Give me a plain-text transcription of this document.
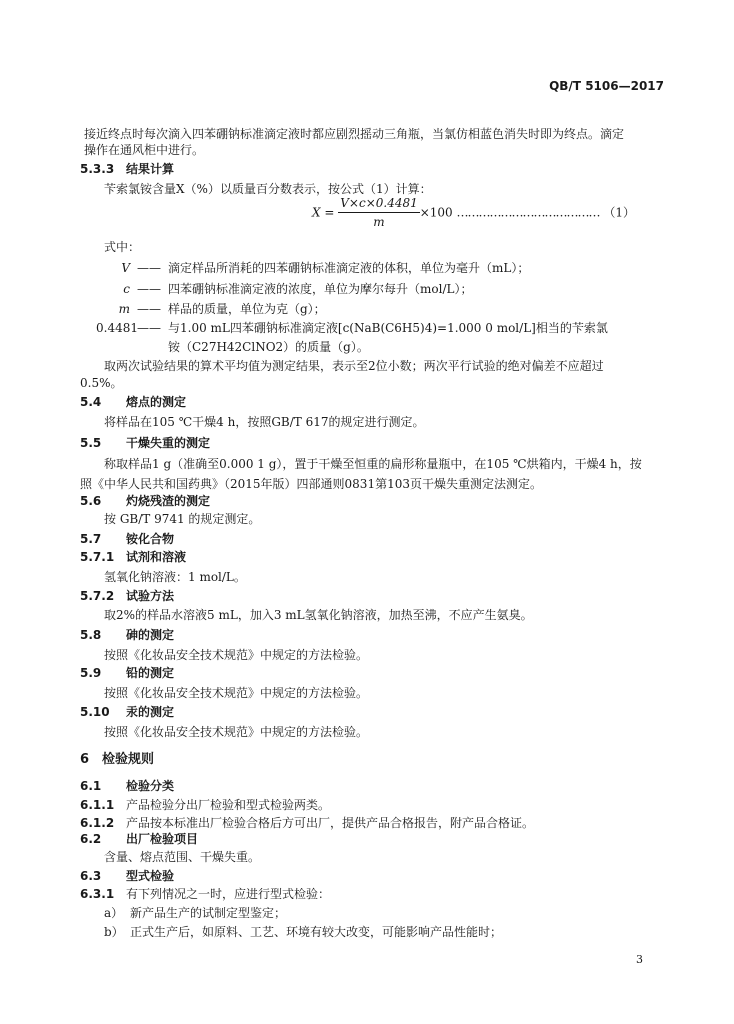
QB/T 5106—2017
接近终点时每次滴入四苯硼钠标准滴定液时都应剧烈摇动三角瓶，当氯仿相蓝色消失时即为终点。滴定
操作在通风柜中进行。
5.3.3 结果计算
苄索氯铵含量X（%）以质量百分数表示，按公式（1）计算：
$X = \frac{V\times c\times 0.4481}{m} \times 100$ ………………………………… （1）
式中：
V —— 滴定样品所消耗的四苯硼钠标准滴定液的体积，单位为毫升（mL）；
c —— 四苯硼钠标准滴定液的浓度，单位为摩尔每升（mol/L）；
m —— 样品的质量，单位为克（g）；
0.4481—— 与1.00 mL四苯硼钠标准滴定液[c(NaB(C6H5)4)=1.000 0 mol/L]相当的苄索氯
铵（C27H42ClNO2）的质量（g）。
取两次试验结果的算术平均值为测定结果，表示至2位小数；两次平行试验的绝对偏差不应超过
0.5%。
5.4 熔点的测定
将样品在105 ℃干燥4 h，按照GB/T 617的规定进行测定。
5.5 干燥失重的测定
称取样品1 g（准确至0.000 1 g），置于干燥至恒重的扁形称量瓶中，在105 ℃烘箱内，干燥4 h，按
照《中华人民共和国药典》（2015年版）四部通则0831第103页干燥失重测定法测定。
5.6 灼烧残渣的测定
按 GB/T 9741 的规定测定。
5.7 铵化合物
5.7.1 试剂和溶液
氢氧化钠溶液：1 mol/L。
5.7.2 试验方法
取2%的样品水溶液5 mL，加入3 mL氢氧化钠溶液，加热至沸，不应产生氨臭。
5.8 砷的测定
按照《化妆品安全技术规范》中规定的方法检验。
5.9 铅的测定
按照《化妆品安全技术规范》中规定的方法检验。
5.10 汞的测定
按照《化妆品安全技术规范》中规定的方法检验。
6 检验规则
6.1 检验分类
6.1.1 产品检验分出厂检验和型式检验两类。
6.1.2 产品按本标准出厂检验合格后方可出厂，提供产品合格报告，附产品合格证。
6.2 出厂检验项目
含量、熔点范围、干燥失重。
6.3 型式检验
6.3.1 有下列情况之一时，应进行型式检验：
a） 新产品生产的试制定型鉴定；
b） 正式生产后，如原料、工艺、环境有较大改变，可能影响产品性能时；
3
